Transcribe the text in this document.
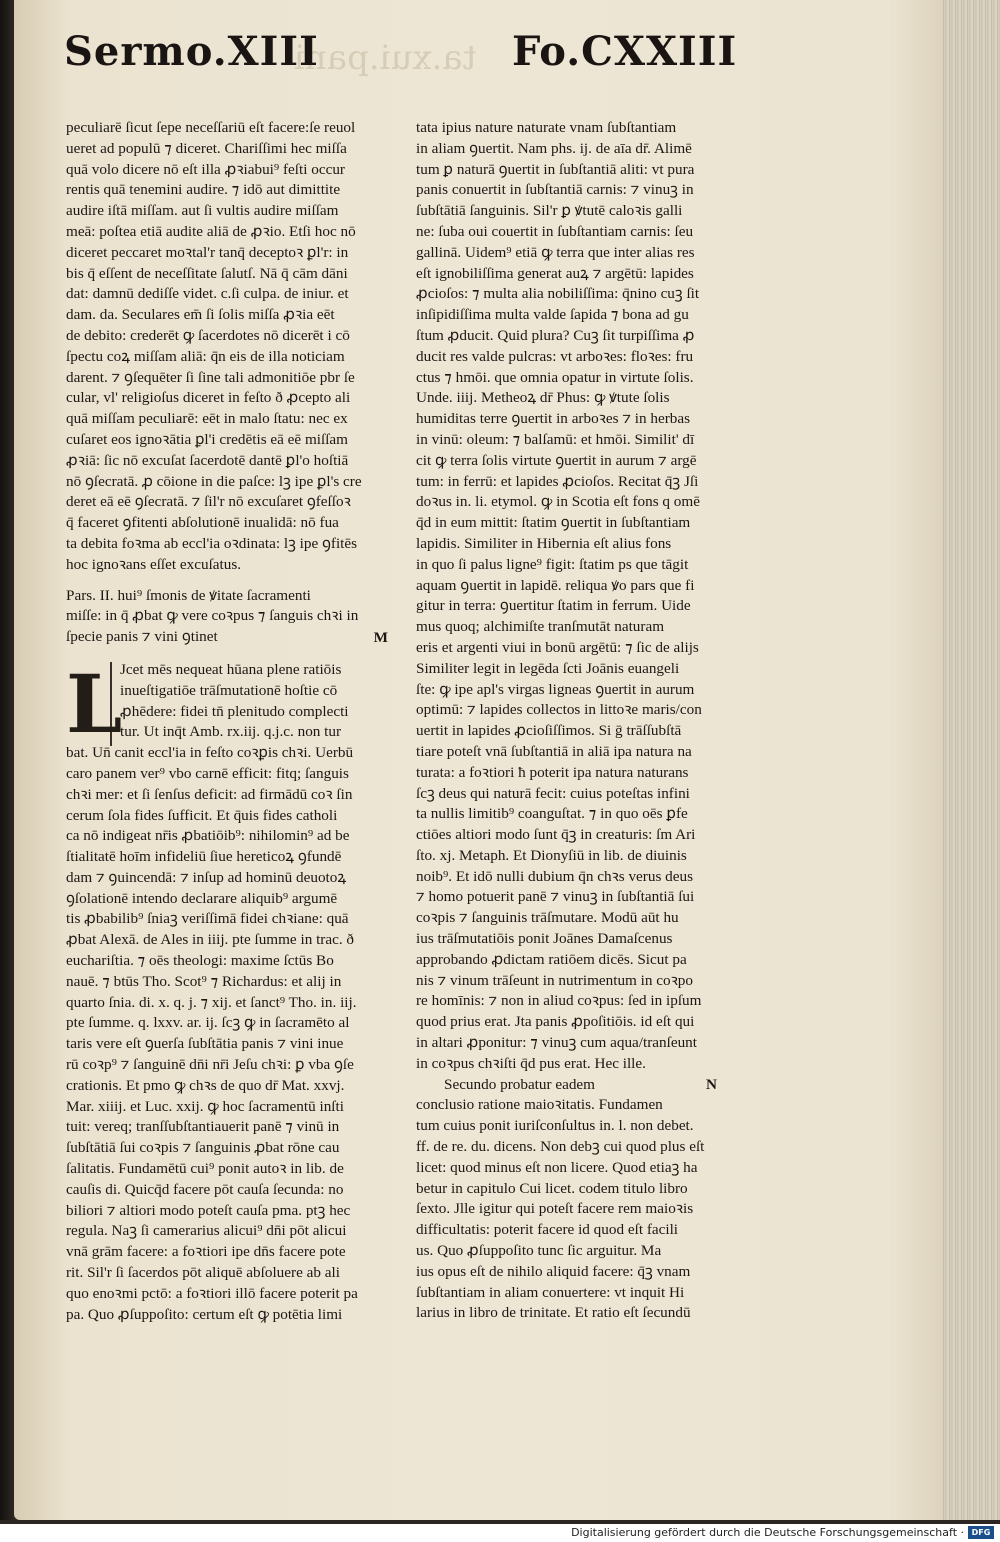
ta.xui.pani
Sermo.XIII	Fo.CXXIII
peculiarē ſicut ſepe neceſſariū eſt facere:ſe reuol
ueret ad populū ⁊ diceret. Chariſſimi hec miſſa
quā volo dicere nō eſt illa ꝓꝛiabui⁹ feſti occur
rentis quā tenemini audire. ⁊ idō aut dimittite
audire iſtā miſſam. aut ſi vultis audire miſſam
meā: poſtea etiā audite aliā de ꝓꝛio. Etſi hoc nō
diceret peccaret moꝛtal'r tanq̄ deceptoꝛ ꝑl'r: in
bis q̄ eſſent de neceſſitate ſalutſ. Nā q̄ cām dāni
dat: damnū dediſſe videt. c.ſi culpa. de iniur. et
dam. da. Seculares em̄ ſi ſolis miſſa ꝓꝛia eēt
de debito: crederēt ꝙ ſacerdotes nō dicerēt i cō
ſpectu coꝝ miſſam aliā: q̄n eis de illa noticiam
darent. ⁊ ꝯſequēter ſi ſine tali admonitiōe pbr ſe
cular, vl' religioſus diceret in feſto ð ꝓcepto ali
quā miſſam peculiarē: eēt in malo ſtatu: nec ex
cuſaret eos ignoꝛātia ꝑl'i credētis eā eē miſſam
ꝓꝛiā: ſic nō excuſat ſacerdotē dantē ꝑl'o hoſtiā
nō ꝯſecratā. ꝓ cōione in die paſce: lꝫ ipe ꝑl's cre
deret eā eē ꝯſecratā. ⁊ ſil'r nō excuſaret ꝯfeſſoꝛ
q̄ faceret ꝯfitenti abſolutionē inualidā: nō fua
ta debita foꝛma ab eccl'ia oꝛdinata: lꝫ ipe ꝯfitēs
hoc ignoꝛans eſſet excuſatus.
Pars. II. hui⁹ ſmonis de ꝟitate ſacramenti
miſſe: in q̄ ꝓbat ꝙ vere coꝛpus ⁊ ſanguis chꝛi in
ſpecie panis ⁊ vini ꝯtinet
Jcet mēs nequeat hūana plene ratiōis
inueſtigatiōe trāſmutationē hoſtie cō
ꝓhēdere: fidei tn̄ plenitudo complecti
tur. Ut inq̄t Amb. rx.iij. q.j.c. non tur
bat. Un̄ canit eccl'ia in feſto coꝛꝑis chꝛi. Uerbū
caro panem ver⁹ vbo carnē efficit: fitq; ſanguis
chꝛi mer: et ſi ſenſus deficit: ad firmādū coꝛ ſin
cerum ſola fides ſufficit. Et q̄uis fides catholi
ca nō indigeat nr̄is ꝓbatiōib⁹: nihilomin⁹ ad be
ſtialitatē hoīm infideliū ſiue hereticoꝝ ꝯfundē
dam ⁊ ꝯuincendā: ⁊ inſup ad hominū deuotoꝝ
ꝯſolationē intendo declarare aliquib⁹ argumē
tis ꝓbabilib⁹ ſniaꝫ veriſſimā fidei chꝛiane: quā
ꝓbat Alexā. de Ales in iiij. pte ſumme in trac. ð
euchariſtia. ⁊ oēs theologi: maxime ſctūs Bo
nauē. ⁊ btūs Tho. Scot⁹ ⁊ Richardus: et alij in
quarto ſnia. di. x. q. j. ⁊ xij. et ſanct⁹ Tho. in. iij.
pte ſumme. q. lxxv. ar. ij. ſcꝫ ꝙ in ſacramēto al
taris vere eſt ꝯuerſa ſubſtātia panis ⁊ vini inue
rū coꝛp⁹ ⁊ ſanguinē dn̄i nr̄i Jeſu chꝛi: ꝑ vba ꝯſe
crationis. Et pmo ꝙ chꝛs de quo dr̄ Mat. xxvj.
Mar. xiiij. et Luc. xxij. ꝙ hoc ſacramentū inſti
tuit: vereq; tranſſubſtantiauerit panē ⁊ vinū in
ſubſtātiā ſui coꝛpis ⁊ ſanguinis ꝓbat rōne cau
ſalitatis. Fundamētū cui⁹ ponit autoꝛ in lib. de
cauſis di. Quicq̄d facere pōt cauſa ſecunda: no
biliori ⁊ altiori modo poteſt cauſa pma. ptꝫ hec
regula. Naꝫ ſi camerarius alicui⁹ dn̄i pōt alicui
vnā grām facere: a foꝛtiori ipe dn̄s facere pote
rit. Sil'r ſi ſacerdos pōt aliquē abſoluere ab ali
quo enoꝛmi pctō: a foꝛtiori illō facere poterit pa
pa. Quo ꝓſuppoſito: certum eſt ꝙ potētia limi
L
M
tata ipius nature naturate vnam ſubſtantiam
in aliam ꝯuertit. Nam phs. ij. de aīa dr̄. Alimē
tum ꝑ naturā ꝯuertit in ſubſtantiā aliti: vt pura
panis conuertit in ſubſtantiā carnis: ⁊ vinuꝫ in
ſubſtātiā ſanguinis. Sil'r ꝑ ꝟtutē caloꝛis galli
ne: ſuba oui couertit in ſubſtantiam carnis: ſeu
gallinā. Uidem⁹ etiā ꝙ terra que inter alias res
eſt ignobiliſſima generat auꝝ ⁊ argētū: lapides
ꝓcioſos: ⁊ multa alia nobiliſſima: q̄nino cuꝫ ſit
inſipidiſſima multa valde ſapida ⁊ bona ad gu
ſtum ꝓducit. Quid plura? Cuꝫ ſit turpiſſima ꝓ
ducit res valde pulcras: vt arboꝛes: floꝛes: fru
ctus ⁊ hmōi. que omnia opatur in virtute ſolis.
Unde. iiij. Metheoꝝ dr̄ Phus: ꝙ ꝟtute ſolis
humiditas terre ꝯuertit in arboꝛes ⁊ in herbas
in vinū: oleum: ⁊ balſamū: et hmōi. Similit' dī
cit ꝙ terra ſolis virtute ꝯuertit in aurum ⁊ argē
tum: in ferrū: et lapides ꝓcioſos. Recitat q̄ꝫ Jſi
doꝛus in. li. etymol. ꝙ in Scotia eſt fons q omē
q̄d in eum mittit: ſtatim ꝯuertit in ſubſtantiam
lapidis. Similiter in Hibernia eſt alius fons
in quo ſi palus ligne⁹ figit: ſtatim ps que tāgit
aquam ꝯuertit in lapidē. reliqua ꝟo pars que fi
gitur in terra: ꝯuertitur ſtatim in ferrum. Uide
mus quoq; alchimiſte tranſmutāt naturam
eris et argenti viui in bonū argētū: ⁊ ſic de alijs
Similiter legit in legēda ſcti Joānis euangeli
ſte: ꝙ ipe apl's virgas ligneas ꝯuertit in aurum
optimū: ⁊ lapides collectos in littoꝛe maris/con
uertit in lapides ꝓcioſiſſimos. Si ḡ trāſſubſtā
tiare poteſt vnā ſubſtantiā in aliā ipa natura na
turata: a foꝛtiori ħ poterit ipa natura naturans
ſcꝫ deus qui naturā fecit: cuius poteſtas infini
ta nullis limitib⁹ coanguſtat. ⁊ in quo oēs ꝑfe
ctiōes altiori modo ſunt q̄ꝫ in creaturis: ſm Ari
ſto. xj. Metaph. Et Dionyſiū in lib. de diuinis
noib⁹. Et idō nulli dubium q̄n chꝛs verus deus
⁊ homo potuerit panē ⁊ vinuꝫ in ſubſtantiā ſui
coꝛpis ⁊ ſanguinis trāſmutare. Modū aūt hu
ius trāſmutatiōis ponit Joānes Damaſcenus
approbando ꝓdictam ratiōem dicēs. Sicut pa
nis ⁊ vinum trāſeunt in nutrimentum in coꝛpo
re homīnis: ⁊ non in aliud coꝛpus: ſed in ipſum
quod prius erat. Jta panis ꝓpoſitiōis. id eſt qui
in altari ꝓponitur: ⁊ vinuꝫ cum aqua/tranſeunt
in coꝛpus chꝛiſti q̄d pus erat. Hec ille.
Secundo probatur eadem
conclusio ratione maioꝛitatis. Fundamen
tum cuius ponit iuriſconſultus in. l. non debet.
ff. de re. du. dicens. Non debꝫ cui quod plus eſt
licet: quod minus eſt non licere. Quod etiaꝫ ha
betur in capitulo Cui licet. codem titulo libro
ſexto. Jlle igitur qui poteſt facere rem maioꝛis
difficultatis: poterit facere id quod eſt facili
us. Quo ꝓſuppoſito tunc ſic arguitur. Ma
ius opus eſt de nihilo aliquid facere: q̄ꝫ vnam
ſubſtantiam in aliam conuertere: vt inquit Hi
larius in libro de trinitate. Et ratio eſt ſecundū
N
Digitalisierung gefördert durch die Deutsche Forschungsgemeinschaft · DFG
